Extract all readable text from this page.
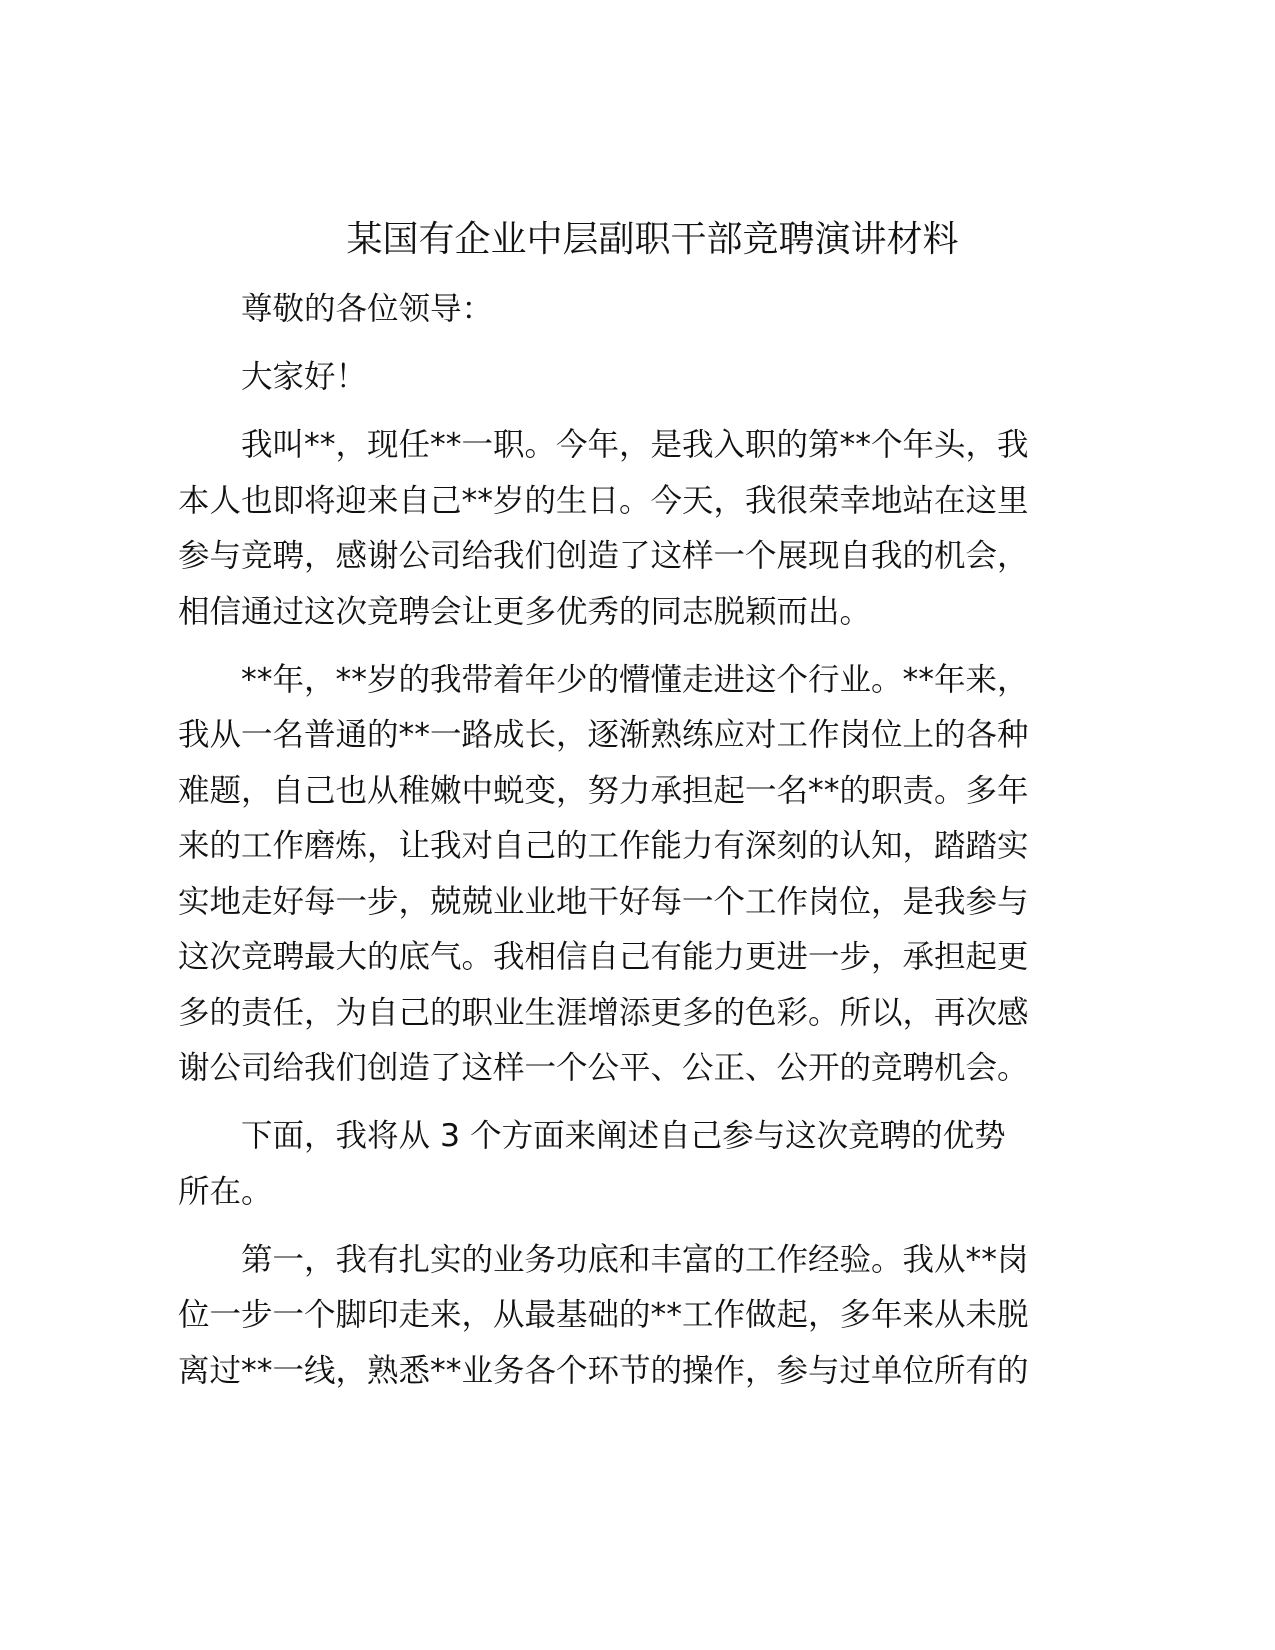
某国有企业中层副职干部竞聘演讲材料
尊敬的各位领导：
大家好！
我叫**，现任**一职。今年，是我入职的第**个年头，我
本人也即将迎来自己**岁的生日。今天，我很荣幸地站在这里
参与竞聘，感谢公司给我们创造了这样一个展现自我的机会，
相信通过这次竞聘会让更多优秀的同志脱颖而出。
**年，**岁的我带着年少的懵懂走进这个行业。**年来，
我从一名普通的**一路成长，逐渐熟练应对工作岗位上的各种
难题，自己也从稚嫩中蜕变，努力承担起一名**的职责。多年
来的工作磨炼，让我对自己的工作能力有深刻的认知，踏踏实
实地走好每一步，兢兢业业地干好每一个工作岗位，是我参与
这次竞聘最大的底气。我相信自己有能力更进一步，承担起更
多的责任，为自己的职业生涯增添更多的色彩。所以，再次感
谢公司给我们创造了这样一个公平、公正、公开的竞聘机会。
下面，我将从 3 个方面来阐述自己参与这次竞聘的优势
所在。
第一，我有扎实的业务功底和丰富的工作经验。我从**岗
位一步一个脚印走来，从最基础的**工作做起，多年来从未脱
离过**一线，熟悉**业务各个环节的操作，参与过单位所有的
